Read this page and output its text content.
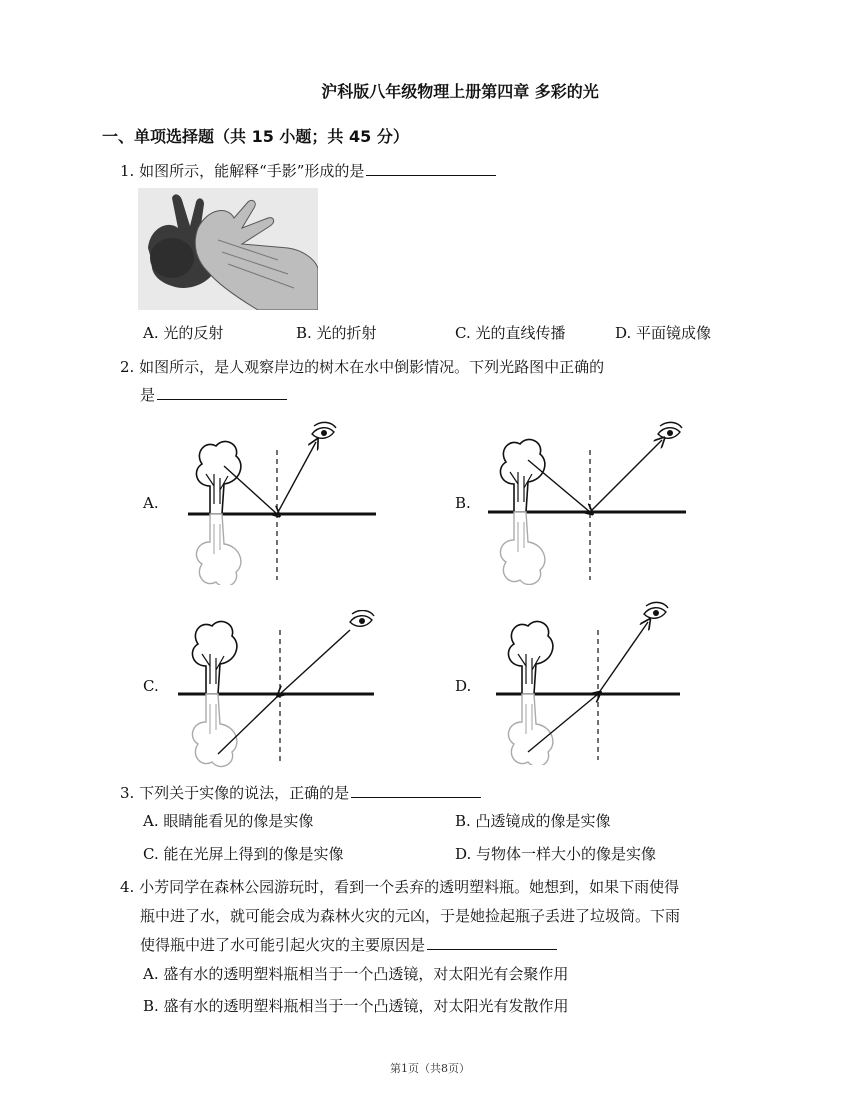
沪科版八年级物理上册第四章 多彩的光
一、单项选择题（共 15 小题；共 45 分）
1. 如图所示，能解释“手影”形成的是
A. 光的反射	B. 光的折射	C. 光的直线传播	D. 平面镜成像
2. 如图所示，是人观察岸边的树木在水中倒影情况。下列光路图中正确的
是
A.	B.
C.	D.
3. 下列关于实像的说法，正确的是
A. 眼睛能看见的像是实像	B. 凸透镜成的像是实像
C. 能在光屏上得到的像是实像	D. 与物体一样大小的像是实像
4. 小芳同学在森林公园游玩时，看到一个丢弃的透明塑料瓶。她想到，如果下雨使得
瓶中进了水，就可能会成为森林火灾的元凶，于是她捡起瓶子丢进了垃圾筒。下雨
使得瓶中进了水可能引起火灾的主要原因是
A. 盛有水的透明塑料瓶相当于一个凸透镜，对太阳光有会聚作用
B. 盛有水的透明塑料瓶相当于一个凸透镜，对太阳光有发散作用
第1页（共8页）
